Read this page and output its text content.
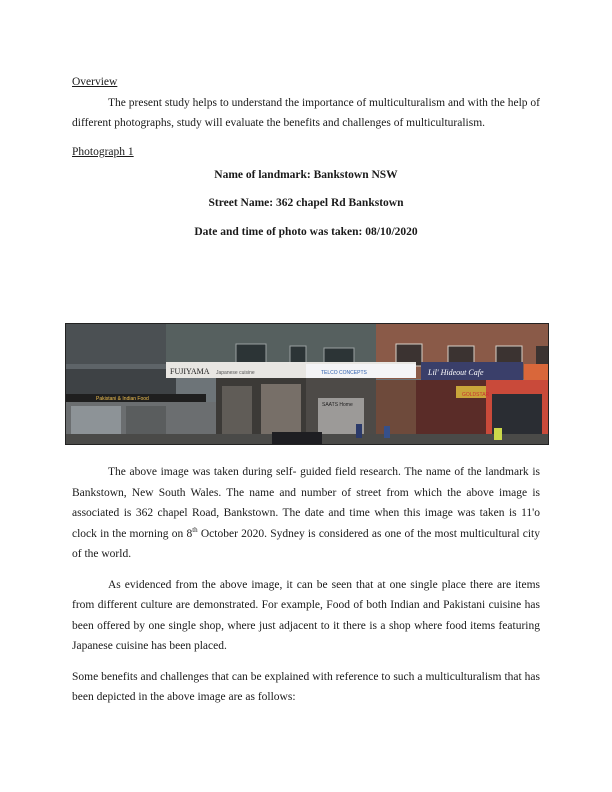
Overview
The present study helps to understand the importance of multiculturalism and with the help of different photographs, study will evaluate the benefits and challenges of multiculturalism.
Photograph 1
Name of landmark: Bankstown NSW
Street Name: 362 chapel Rd Bankstown
Date and time of photo was taken: 08/10/2020
FUJIYAMA Japanese cuisine	TELCO CONCEPTS	Lil' Hideout Cafe
Pakistani & Indian Food
GOLDSTAR
SAATS Home
The above image was taken during self- guided field research. The name of the landmark is Bankstown, New South Wales. The name and number of street from which the above image is associated is 362 chapel Road, Bankstown. The date and time when this image was taken is 11'o clock in the morning on 8th October 2020. Sydney is considered as one of the most multicultural city of the world.
As evidenced from the above image, it can be seen that at one single place there are items from different culture are demonstrated. For example, Food of both Indian and Pakistani cuisine has been offered by one single shop, where just adjacent to it there is a shop where food items featuring Japanese cuisine has been placed.
Some benefits and challenges that can be explained with reference to such a multiculturalism that has been depicted in the above image are as follows:
